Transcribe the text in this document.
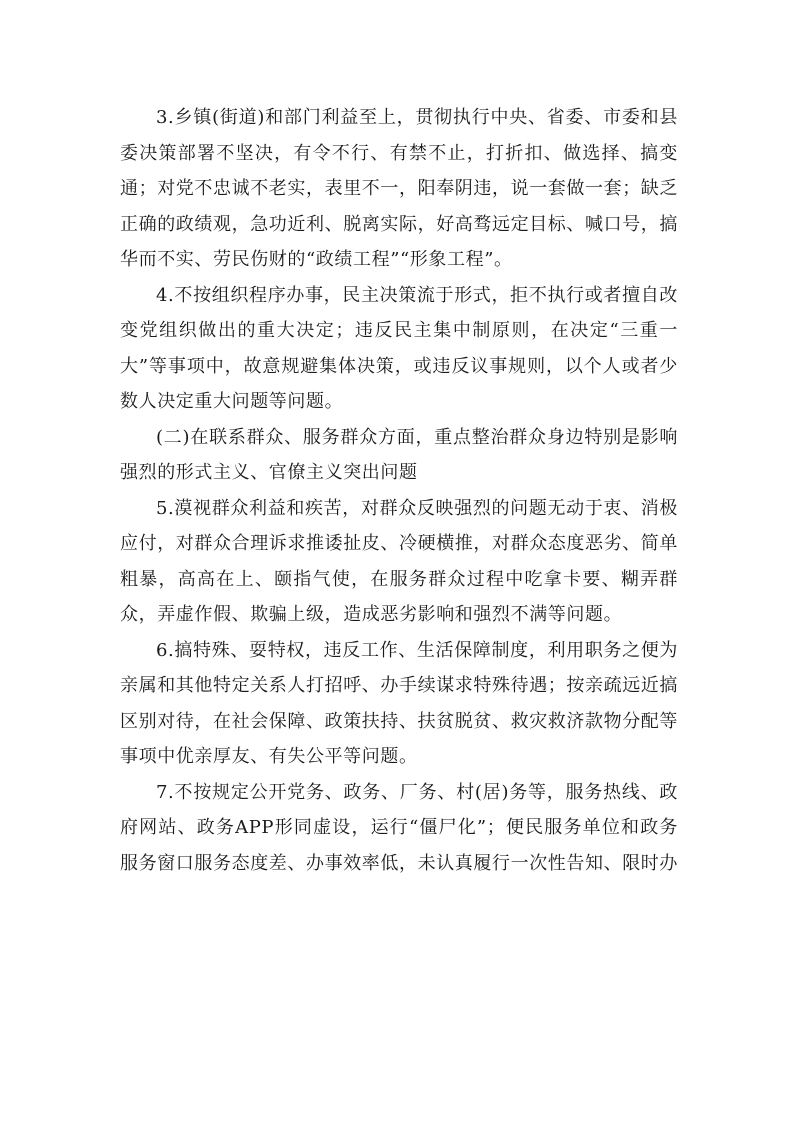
3.乡镇(街道)和部门利益至上，贯彻执行中央、省委、市委和县委决策部署不坚决，有令不行、有禁不止，打折扣、做选择、搞变通；对党不忠诚不老实，表里不一，阳奉阴违，说一套做一套；缺乏正确的政绩观，急功近利、脱离实际，好高骛远定目标、喊口号，搞华而不实、劳民伤财的“政绩工程”“形象工程”。

4.不按组织程序办事，民主决策流于形式，拒不执行或者擅自改变党组织做出的重大决定；违反民主集中制原则，在决定“三重一大”等事项中，故意规避集体决策，或违反议事规则，以个人或者少数人决定重大问题等问题。

(二)在联系群众、服务群众方面，重点整治群众身边特别是影响强烈的形式主义、官僚主义突出问题

5.漠视群众利益和疾苦，对群众反映强烈的问题无动于衷、消极应付，对群众合理诉求推诿扯皮、冷硬横推，对群众态度恶劣、简单粗暴，高高在上、颐指气使，在服务群众过程中吃拿卡要、糊弄群众，弄虚作假、欺骗上级，造成恶劣影响和强烈不满等问题。

6.搞特殊、耍特权，违反工作、生活保障制度，利用职务之便为亲属和其他特定关系人打招呼、办手续谋求特殊待遇；按亲疏远近搞区别对待，在社会保障、政策扶持、扶贫脱贫、救灾救济款物分配等事项中优亲厚友、有失公平等问题。

7.不按规定公开党务、政务、厂务、村(居)务等，服务热线、政府网站、政务APP形同虚设，运行“僵尸化”；便民服务单位和政务服务窗口服务态度差、办事效率低，未认真履行一次性告知、限时办
